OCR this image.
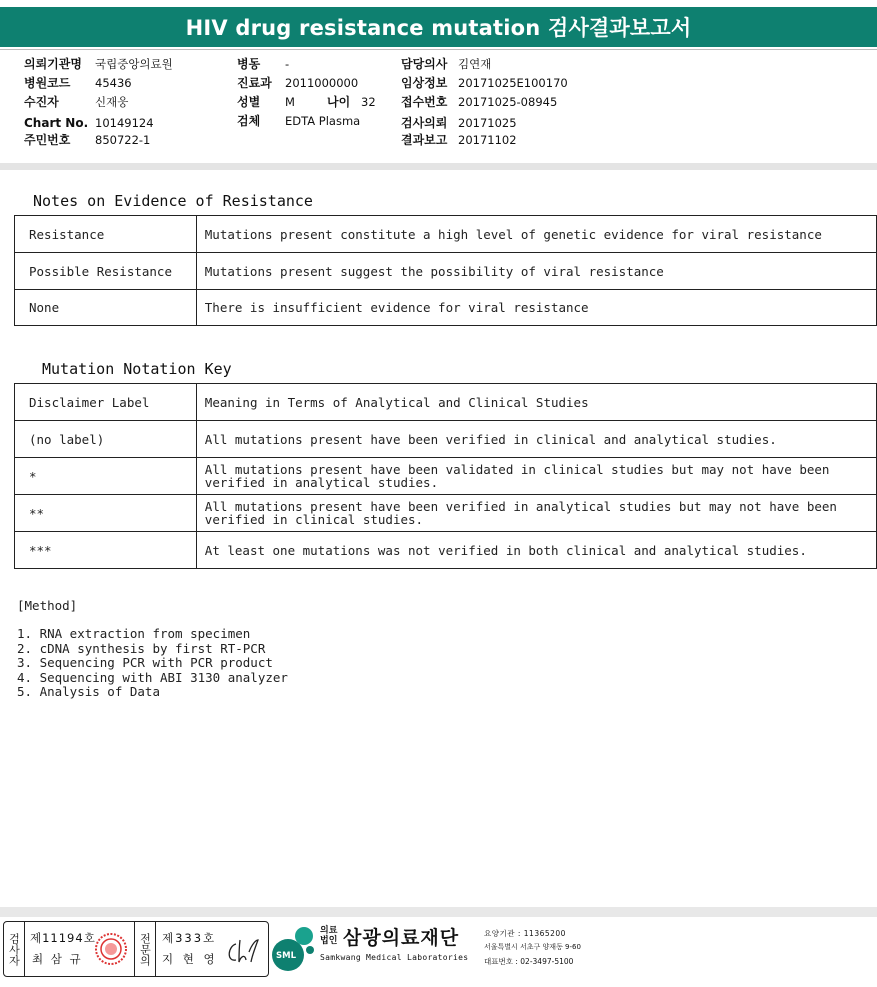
HIV drug resistance mutation 검사결과보고서
의뢰기관명 국립중앙의료원
병원코드 45436
수진자	신재웅
Chart No. 10149124
주민번호 850722-1
병동 -
진료과 2011000000
성별 M	나이 32
검체 EDTA Plasma
담당의사 김연재
임상정보 20171025E100170
접수번호 20171025-08945
검사의뢰 20171025
결과보고 20171102
Notes on Evidence of Resistance
Resistance	Mutations present constitute a high level of genetic evidence for viral resistance
Possible Resistance	Mutations present suggest the possibility of viral resistance
None	There is insufficient evidence for viral resistance
Mutation Notation Key
Disclaimer Label	Meaning in Terms of Analytical and Clinical Studies
(no label)	All mutations present have been verified in clinical and analytical studies.
*	All mutations present have been validated in clinical studies but may not have been verified in analytical studies.
**	All mutations present have been verified in analytical studies but may not have been verified in clinical studies.
***	At least one mutations was not verified in both clinical and analytical studies.
[Method]
1. RNA extraction from specimen
2. cDNA synthesis by first RT-PCR
3. Sequencing PCR with PCR product
4. Sequencing with ABI 3130 analyzer
5. Analysis of Data
검사자 제11194호
최 삼 규	전문의 제333호
지 현 영	SML
의료
법인 삼광의료재단
Samkwang Medical Laboratories
요양기관 : 11365200
서울특별시 서초구 양재동 9-60
대표번호 : 02-3497-5100
